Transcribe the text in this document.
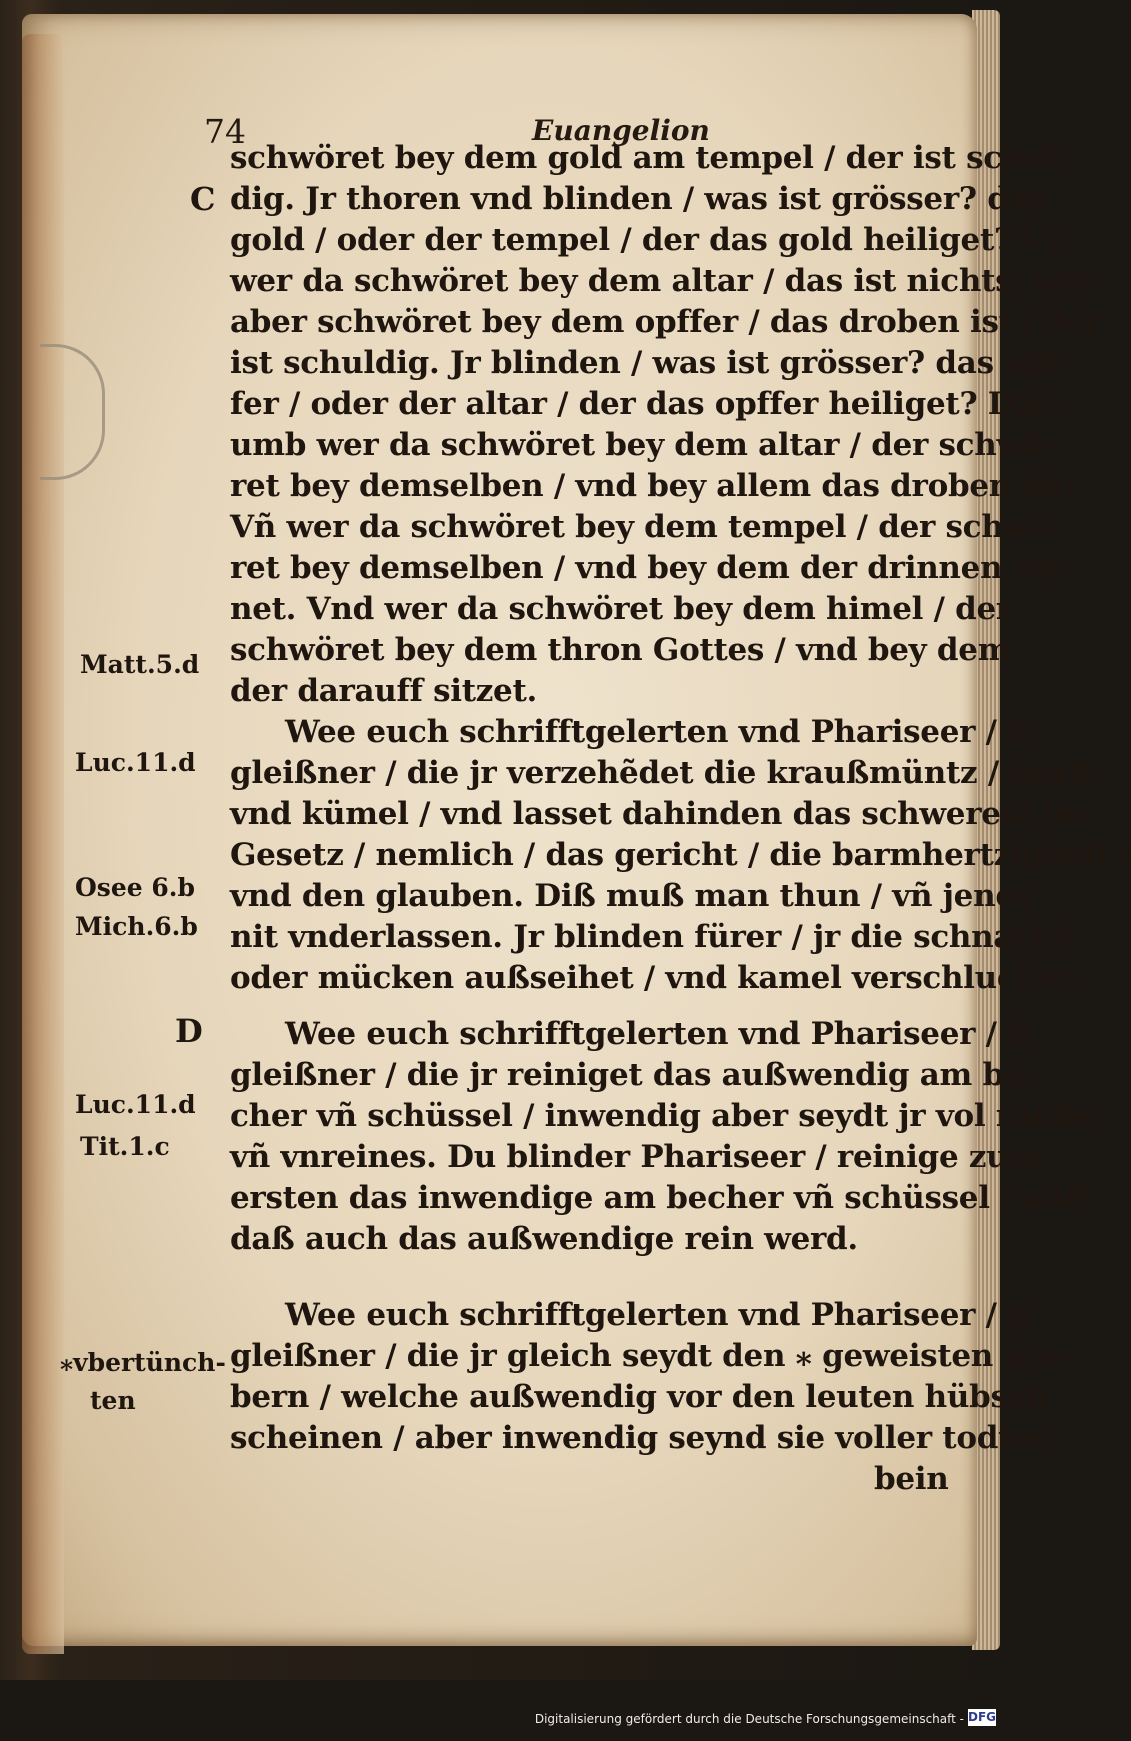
74	Euangelion
schwöret bey dem gold am tempel / der ist schul-
dig. Jr thoren vnd blinden / was ist grösser? das
gold / oder der tempel / der das gold heiliget? Vñ
wer da schwöret bey dem altar / das ist nichts: wer
aber schwöret bey dem opffer / das droben ist / der
ist schuldig. Jr blinden / was ist grösser? das opf-
fer / oder der altar / der das opffer heiliget? Dar-
umb wer da schwöret bey dem altar / der schwö-
ret bey demselben / vnd bey allem das droben ist:
Vñ wer da schwöret bey dem tempel / der schwö-
ret bey demselben / vnd bey dem der drinnen wo-
net. Vnd wer da schwöret bey dem himel / der
schwöret bey dem thron Gottes / vnd bey dem
der darauff sitzet.
Wee euch schrifftgelerten vnd Phariseer / jr
gleißner / die jr verzehẽdet die kraußmüntz / änyß
vnd kümel / vnd lasset dahinden das schwerest im
Gesetz / nemlich / das gericht / die barmhertzigkeit /
vnd den glauben. Diß muß man thun / vñ jenes
nit vnderlassen. Jr blinden fürer / jr die schnackẽ
oder mücken außseihet / vnd kamel verschlucket.
Wee euch schrifftgelerten vnd Phariseer / jr
gleißner / die jr reiniget das außwendig am be-
cher vñ schüssel / inwendig aber seydt jr vol raubs
vñ vnreines. Du blinder Phariseer / reinige zum
ersten das inwendige am becher vñ schüssel / auff
daß auch das außwendige rein werd.
Wee euch schrifftgelerten vnd Phariseer / jr
gleißner / die jr gleich seydt den ⁎ geweisten gre-
bern / welche außwendig vor den leuten hübsch
scheinen / aber inwendig seynd sie voller todten
bein
C
Matt.5.d
Luc.11.d
Osee 6.b
Mich.6.b
D
Luc.11.d
Tit.1.c
⁎vbertünch-
ten
Digitalisierung gefördert durch die Deutsche Forschungsgemeinschaft - DFG
